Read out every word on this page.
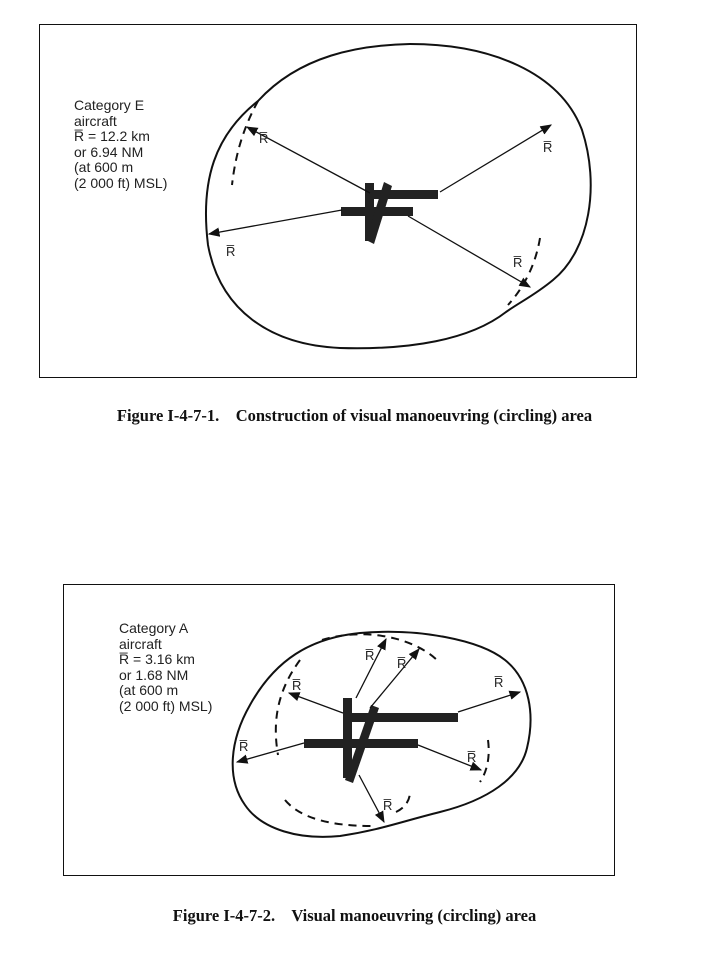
Category E
aircraft
R̅ = 12.2 km
or 6.94 NM
(at 600 m
(2 000 ft) MSL)
R̅
R̅
R̅
R̅
R̅
R̅
R̅
R̅
R̅
R̅
R̅
Figure I-4-7-1.    Construction of visual manoeuvring (circling) area
Category A
aircraft
R̅ = 3.16 km
or 1.68 NM
(at 600 m
(2 000 ft) MSL)
Figure I-4-7-2.    Visual manoeuvring (circling) area
